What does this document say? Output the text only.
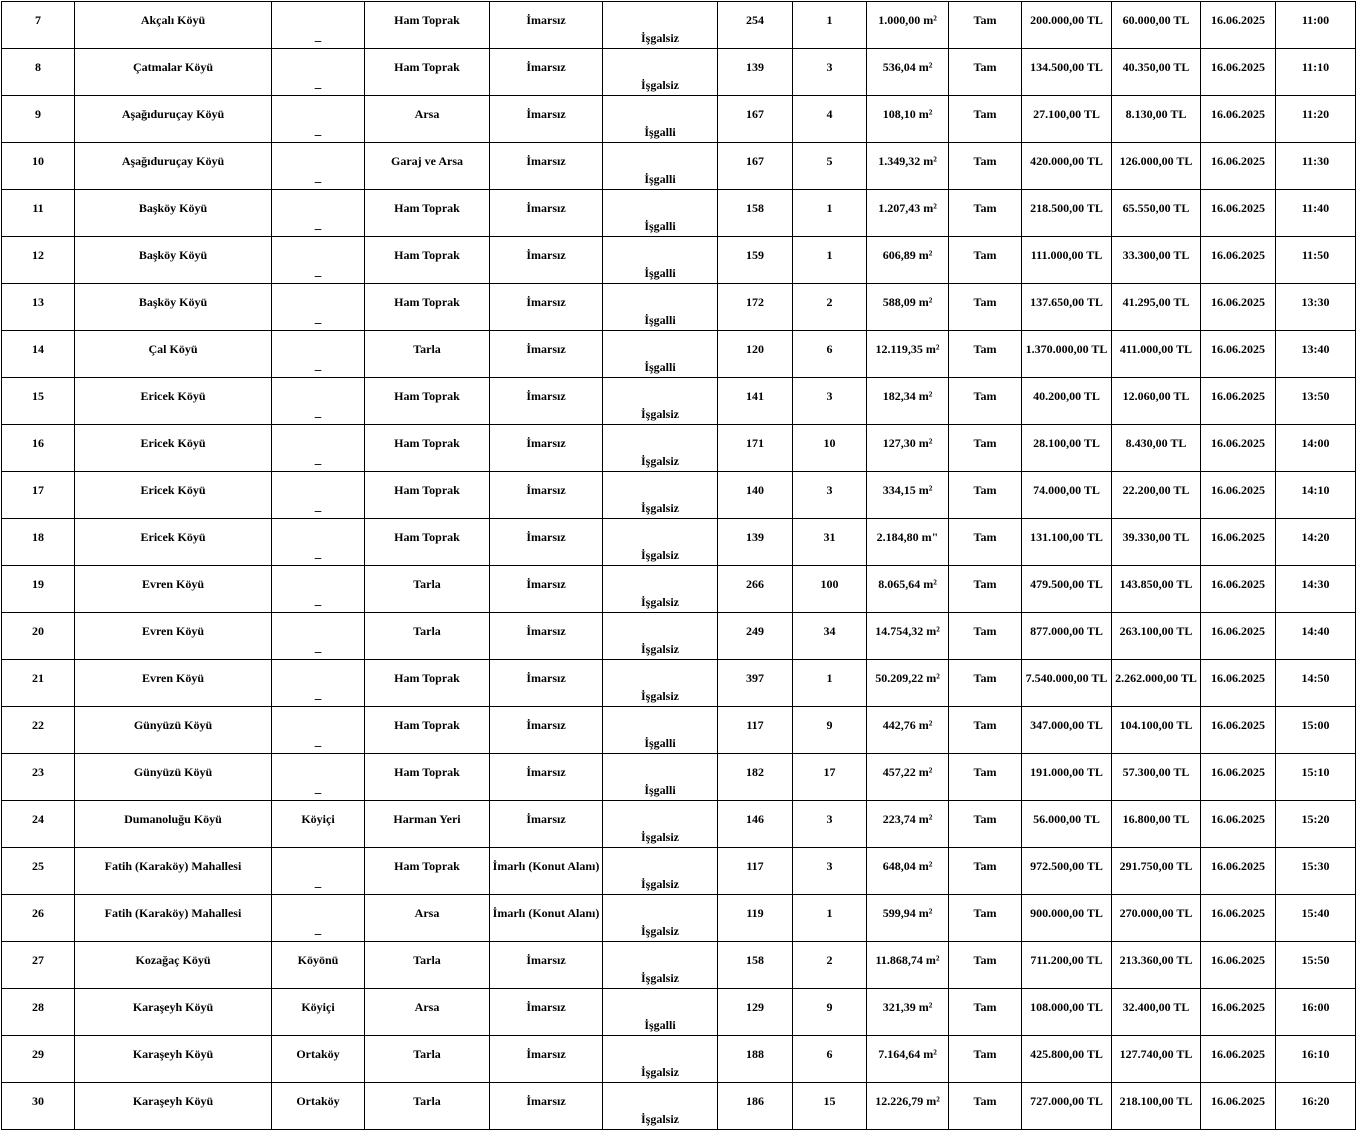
7	Akçalı Köyü	_	Ham Toprak	İmarsız	İşgalsiz	254	1	1.000,00 m²	Tam	200.000,00 TL	60.000,00 TL	16.06.2025	11:00
8	Çatmalar Köyü	_	Ham Toprak	İmarsız	İşgalsiz	139	3	536,04 m²	Tam	134.500,00 TL	40.350,00 TL	16.06.2025	11:10
9	Aşağıduruçay Köyü	_	Arsa	İmarsız	İşgalli	167	4	108,10 m²	Tam	27.100,00 TL	8.130,00 TL	16.06.2025	11:20
10	Aşağıduruçay Köyü	_	Garaj ve Arsa	İmarsız	İşgalli	167	5	1.349,32 m²	Tam	420.000,00 TL	126.000,00 TL	16.06.2025	11:30
11	Başköy Köyü	_	Ham Toprak	İmarsız	İşgalli	158	1	1.207,43 m²	Tam	218.500,00 TL	65.550,00 TL	16.06.2025	11:40
12	Başköy Köyü	_	Ham Toprak	İmarsız	İşgalli	159	1	606,89 m²	Tam	111.000,00 TL	33.300,00 TL	16.06.2025	11:50
13	Başköy Köyü	_	Ham Toprak	İmarsız	İşgalli	172	2	588,09 m²	Tam	137.650,00 TL	41.295,00 TL	16.06.2025	13:30
14	Çal Köyü	_	Tarla	İmarsız	İşgalli	120	6	12.119,35 m²	Tam	1.370.000,00 TL	411.000,00 TL	16.06.2025	13:40
15	Ericek Köyü	_	Ham Toprak	İmarsız	İşgalsiz	141	3	182,34 m²	Tam	40.200,00 TL	12.060,00 TL	16.06.2025	13:50
16	Ericek Köyü	_	Ham Toprak	İmarsız	İşgalsiz	171	10	127,30 m²	Tam	28.100,00 TL	8.430,00 TL	16.06.2025	14:00
17	Ericek Köyü	_	Ham Toprak	İmarsız	İşgalsiz	140	3	334,15 m²	Tam	74.000,00 TL	22.200,00 TL	16.06.2025	14:10
18	Ericek Köyü	_	Ham Toprak	İmarsız	İşgalsiz	139	31	2.184,80 m"	Tam	131.100,00 TL	39.330,00 TL	16.06.2025	14:20
19	Evren Köyü	_	Tarla	İmarsız	İşgalsiz	266	100	8.065,64 m²	Tam	479.500,00 TL	143.850,00 TL	16.06.2025	14:30
20	Evren Köyü	_	Tarla	İmarsız	İşgalsiz	249	34	14.754,32 m²	Tam	877.000,00 TL	263.100,00 TL	16.06.2025	14:40
21	Evren Köyü	_	Ham Toprak	İmarsız	İşgalsiz	397	1	50.209,22 m²	Tam	7.540.000,00 TL	2.262.000,00 TL	16.06.2025	14:50
22	Günyüzü Köyü	_	Ham Toprak	İmarsız	İşgalli	117	9	442,76 m²	Tam	347.000,00 TL	104.100,00 TL	16.06.2025	15:00
23	Günyüzü Köyü	_	Ham Toprak	İmarsız	İşgalli	182	17	457,22 m²	Tam	191.000,00 TL	57.300,00 TL	16.06.2025	15:10
24	Dumanoluğu Köyü	Köyiçi	Harman Yeri	İmarsız	İşgalsiz	146	3	223,74 m²	Tam	56.000,00 TL	16.800,00 TL	16.06.2025	15:20
25	Fatih (Karaköy) Mahallesi	_	Ham Toprak	İmarlı (Konut Alanı)	İşgalsiz	117	3	648,04 m²	Tam	972.500,00 TL	291.750,00 TL	16.06.2025	15:30
26	Fatih (Karaköy) Mahallesi	_	Arsa	İmarlı (Konut Alanı)	İşgalsiz	119	1	599,94 m²	Tam	900.000,00 TL	270.000,00 TL	16.06.2025	15:40
27	Kozağaç Köyü	Köyönü	Tarla	İmarsız	İşgalsiz	158	2	11.868,74 m²	Tam	711.200,00 TL	213.360,00 TL	16.06.2025	15:50
28	Karaşeyh Köyü	Köyiçi	Arsa	İmarsız	İşgalli	129	9	321,39 m²	Tam	108.000,00 TL	32.400,00 TL	16.06.2025	16:00
29	Karaşeyh Köyü	Ortaköy	Tarla	İmarsız	İşgalsiz	188	6	7.164,64 m²	Tam	425.800,00 TL	127.740,00 TL	16.06.2025	16:10
30	Karaşeyh Köyü	Ortaköy	Tarla	İmarsız	İşgalsiz	186	15	12.226,79 m²	Tam	727.000,00 TL	218.100,00 TL	16.06.2025	16:20
